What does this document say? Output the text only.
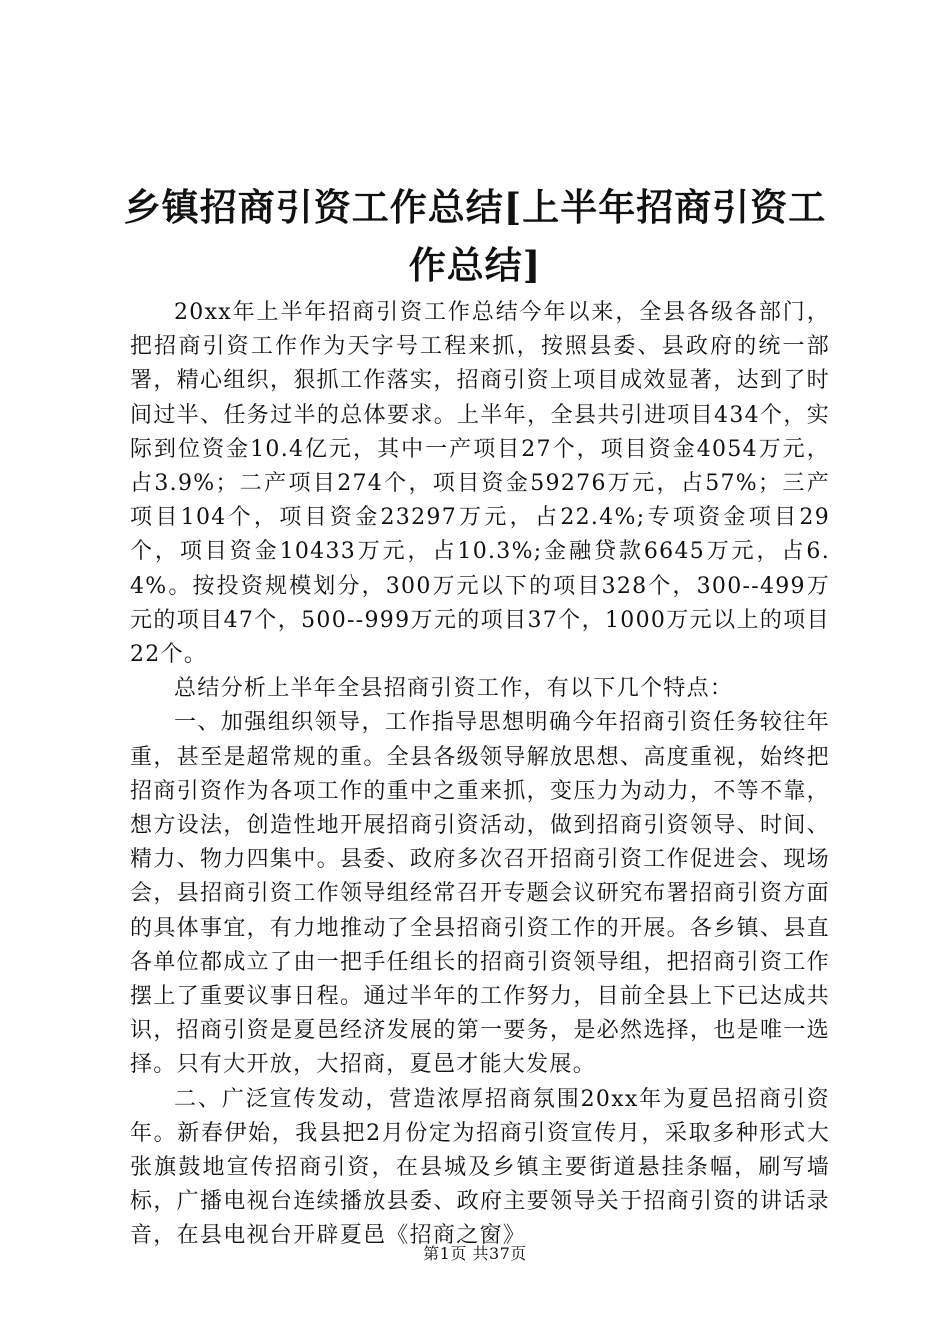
乡镇招商引资工作总结[上半年招商引资工作总结]

20xx年上半年招商引资工作总结今年以来，全县各级各部门，把招商引资工作作为天字号工程来抓，按照县委、县政府的统一部署，精心组织，狠抓工作落实，招商引资上项目成效显著，达到了时间过半、任务过半的总体要求。上半年，全县共引进项目434个，实际到位资金10.4亿元，其中一产项目27个，项目资金4054万元，占3.9%；二产项目274个，项目资金59276万元，占57%；三产项目104个，项目资金23297万元，占22.4%;专项资金项目29个，项目资金10433万元，占10.3%;金融贷款6645万元，占6.4%。按投资规模划分，300万元以下的项目328个，300--499万元的项目47个，500--999万元的项目37个，1000万元以上的项目22个。

总结分析上半年全县招商引资工作，有以下几个特点：

一、加强组织领导，工作指导思想明确今年招商引资任务较往年重，甚至是超常规的重。全县各级领导解放思想、高度重视，始终把招商引资作为各项工作的重中之重来抓，变压力为动力，不等不靠，想方设法，创造性地开展招商引资活动，做到招商引资领导、时间、精力、物力四集中。县委、政府多次召开招商引资工作促进会、现场会，县招商引资工作领导组经常召开专题会议研究布署招商引资方面的具体事宜，有力地推动了全县招商引资工作的开展。各乡镇、县直各单位都成立了由一把手任组长的招商引资领导组，把招商引资工作摆上了重要议事日程。通过半年的工作努力，目前全县上下已达成共识，招商引资是夏邑经济发展的第一要务，是必然选择，也是唯一选择。只有大开放，大招商，夏邑才能大发展。

二、广泛宣传发动，营造浓厚招商氛围20xx年为夏邑招商引资年。新春伊始，我县把2月份定为招商引资宣传月，采取多种形式大张旗鼓地宣传招商引资，在县城及乡镇主要街道悬挂条幅，刷写墙标，广播电视台连续播放县委、政府主要领导关于招商引资的讲话录音，在县电视台开辟夏邑《招商之窗》

第1页 共37页
